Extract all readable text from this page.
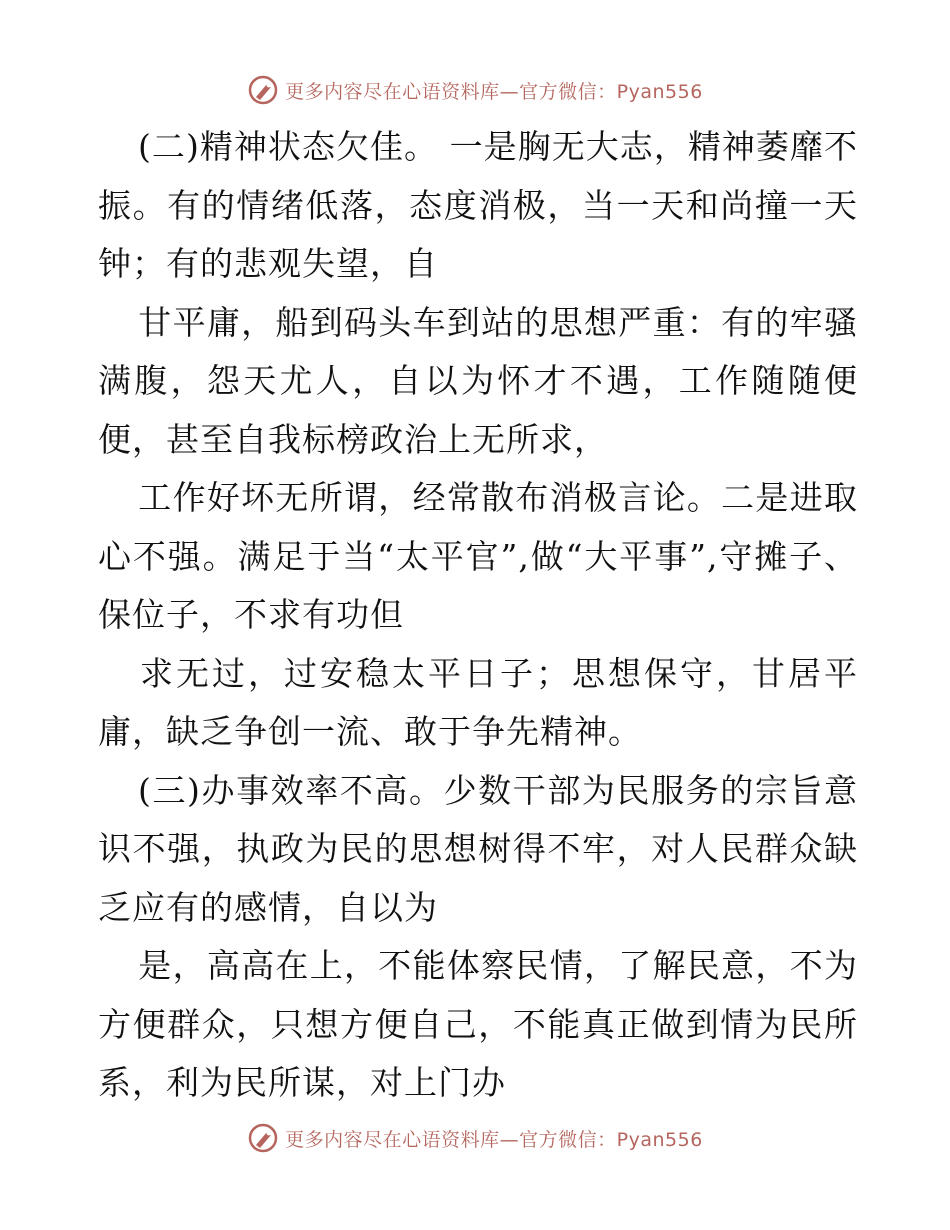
更多内容尽在心语资料库—官方微信：Pyan556

(二)精神状态欠佳。 一是胸无大志，精神萎靡不振。有的情绪低落，态度消极，当一天和尚撞一天钟；有的悲观失望，自

甘平庸，船到码头车到站的思想严重：有的牢骚满腹，怨天尤人，自以为怀才不遇，工作随随便便，甚至自我标榜政治上无所求，

工作好坏无所谓，经常散布消极言论。二是进取心不强。满足于当“太平官”,做“大平事”,守摊子、保位子，不求有功但

求无过，过安稳太平日子；思想保守，甘居平庸，缺乏争创一流、敢于争先精神。

(三)办事效率不高。少数干部为民服务的宗旨意识不强，执政为民的思想树得不牢，对人民群众缺乏应有的感情，自以为

是，高高在上，不能体察民情，了解民意，不为方便群众，只想方便自己，不能真正做到情为民所系，利为民所谋，对上门办

更多内容尽在心语资料库—官方微信：Pyan556
